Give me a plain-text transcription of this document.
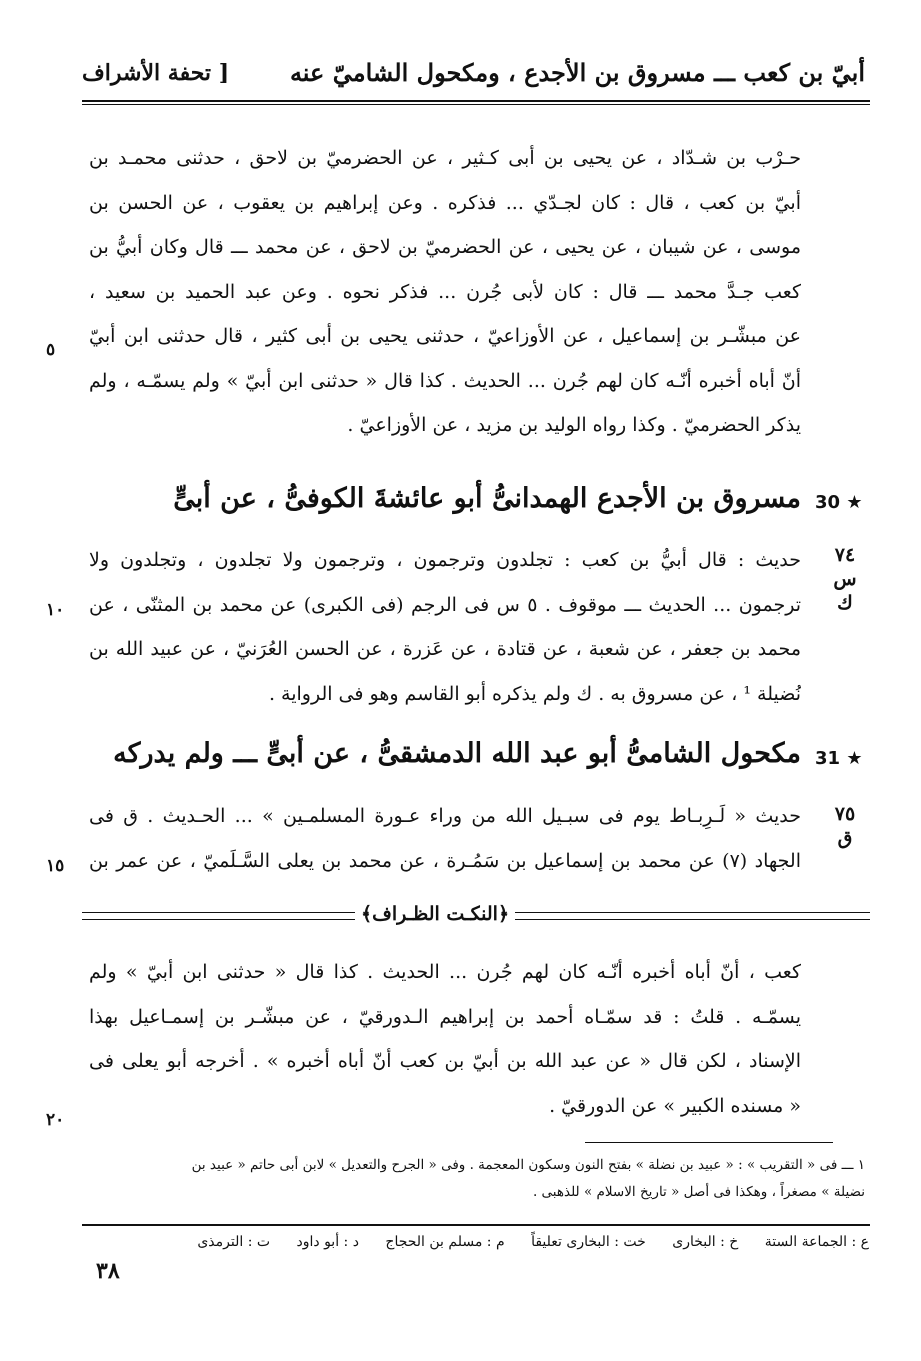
أبيّ بن كعب ـــ مسروق بن الأجدع ، ومكحول الشاميّ عنه
[ تحفة الأشراف
حـرْب بن شـدّاد ، عن يحيى بن أبى كـثير ، عن الحضرميّ بن لاحق ، حدثنى محمـد بن
أبيّ بن كعب ، قال : كان لجـدّي ... فذكره . وعن إبراهيم بن يعقوب ، عن الحسن بن
موسى ، عن شيبان ، عن يحيى ، عن الحضرميّ بن لاحق ، عن محمد ـــ قال وكان أبيُّ بن
كعب جـدَّ محمد ـــ قال : كان لأبى جُرن ... فذكر نحوه . وعن عبد الحميد بن سعيد ،
عن مبشّـر بن إسماعيل ، عن الأوزاعيّ ، حدثنى يحيى بن أبى كثير ، قال حدثنى ابن أبيّ
أنّ أباه أخبره أنّـه كان لهم جُرن ... الحديث . كذا قال « حدثنى ابن أبيّ » ولم يسمّـه ، ولم
يذكر الحضرميّ . وكذا رواه الوليد بن مزيد ، عن الأوزاعيّ .
٥
30 ★
مسروق بن الأجدع الهمدانىُّ أبو عائشةَ الكوفىُّ ، عن أبىٍّ
٧٤
س
ك
حديث : قال أبيُّ بن كعب : تجلدون وترجمون ، وترجمون ولا تجلدون ، وتجلدون ولا
ترجمون ... الحديث ـــ موقوف . ٥ س فى الرجم (فى الكبرى) عن محمد بن المثنّى ، عن
محمد بن جعفر ، عن شعبة ، عن قتادة ، عن عَزرة ، عن الحسن العُرَنيّ ، عن عبيد الله بن
نُضيلة ¹ ، عن مسروق به . ك ولم يذكره أبو القاسم وهو فى الرواية .
١٠
31 ★
مكحول الشامىُّ أبو عبد الله الدمشقىُّ ، عن أبىٍّ ـــ ولم يدركه
٧٥
ق
حديث « لَـرِبـاط يوم فى سبـيل الله من وراء عـورة المسلمـين » ... الحـديث . ق فى
الجهاد (٧) عن محمد بن إسماعيل بن سَمُـرة ، عن محمد بن يعلى السَّـلَميّ ، عن عمر بن
١٥
﴿النكـت الظـراف﴾
كعب ، أنّ أباه أخبره أنّـه كان لهم جُرن ... الحديث . كذا قال « حدثنى ابن أبيّ » ولم
يسمّـه . قلتُ : قد سمّـاه أحمد بن إبراهيم الـدورقيّ ، عن مبشّـر بن إسمـاعيل بهذا
الإسناد ، لكن قال « عن عبد الله بن أبيّ بن كعب أنّ أباه أخبره » . أخرجه أبو يعلى فى
« مسنده الكبير » عن الدورقيّ .
٢٠
١ ـــ فى « التقريب » : « عبيد بن نضلة » بفتح النون وسكون المعجمة . وفى « الجرح والتعديل » لابن أبى حاتم « عبيد بن
نضيلة » مصغراً ، وهكذا فى أصل « تاريخ الاسلام » للذهبى .
ع : الجماعة الستة خ : البخارى خت : البخارى تعليقاً م : مسلم بن الحجاج د : أبو داود ت : الترمذى
٣٨
